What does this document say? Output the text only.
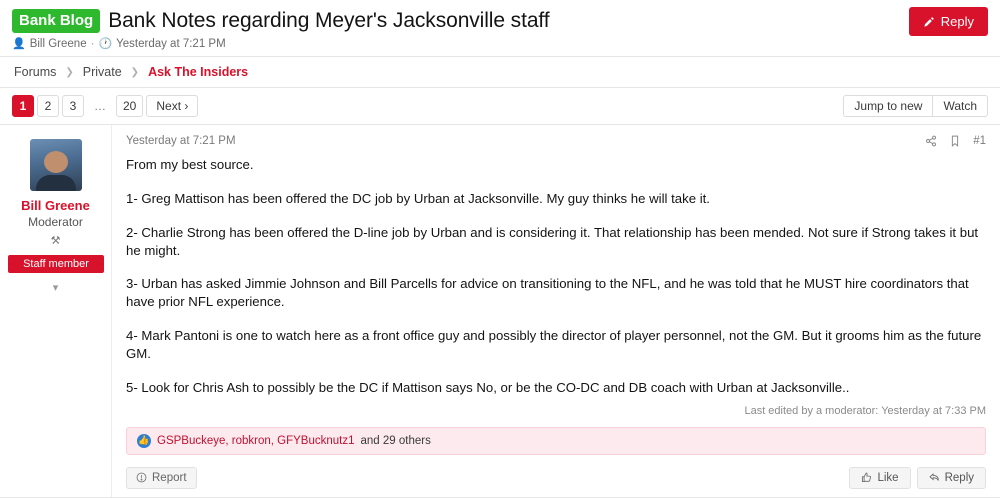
Bank Blog Bank Notes regarding Meyer's Jacksonville staff
👤 Bill Greene · 🕐 Yesterday at 7:21 PM
Reply
Forums ❯ Private ❯ Ask The Insiders
1	2	3	…	20	Next ›	Jump to new	Watch
Bill Greene
Moderator
⚒
Staff member
▾
Yesterday at 7:21 PM	#1

From my best source.

1- Greg Mattison has been offered the DC job by Urban at Jacksonville. My guy thinks he will take it.

2- Charlie Strong has been offered the D-line job by Urban and is considering it. That relationship has been mended. Not sure if Strong takes it but he might.

3- Urban has asked Jimmie Johnson and Bill Parcells for advice on transitioning to the NFL, and he was told that he MUST hire coordinators that have prior NFL experience.

4- Mark Pantoni is one to watch here as a front office guy and possibly the director of player personnel, not the GM. But it grooms him as the future GM.

5- Look for Chris Ash to possibly be the DC if Mattison says No, or be the CO-DC and DB coach with Urban at Jacksonville..

Last edited by a moderator: Yesterday at 7:33 PM
👍 GSPBuckeye, robkron, GFYBucknutz1 and 29 others
Report	Like	Reply
